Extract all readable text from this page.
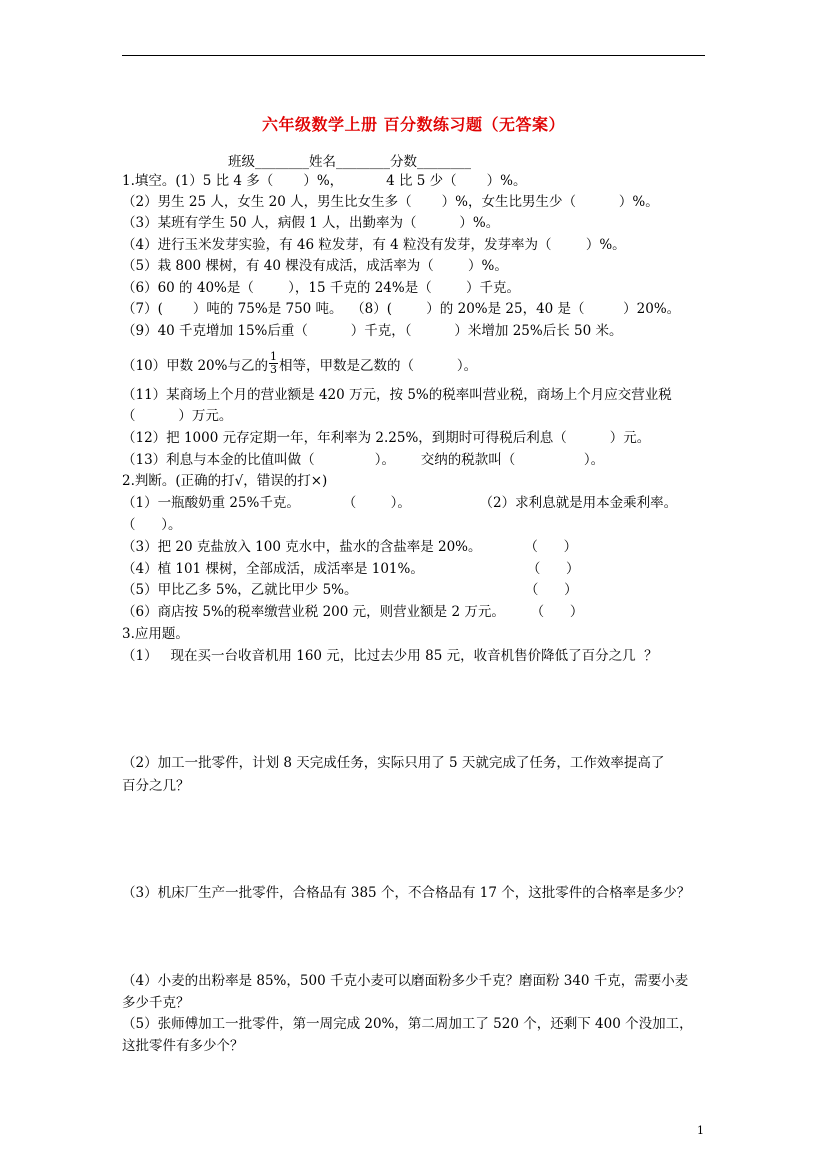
六年级数学上册 百分数练习题（无答案）
班级________姓名________分数________
1.填空。(1）5 比 4 多（       ）%，          4 比 5 少（       ）%。
（2）男生 25 人，女生 20 人，男生比女生多（       ）%，女生比男生少（          ）%。
（3）某班有学生 50 人，病假 1 人，出勤率为（          ）%。
（4）进行玉米发芽实验，有 46 粒发芽，有 4 粒没有发芽，发芽率为（        ）%。
（5）栽 800 棵树，有 40 棵没有成活，成活率为（        ）%。
（6）60 的 40%是（        ），15 千克的 24%是（        ）千克。
（7）(       ）吨的 75%是 750 吨。  （8）(        ）的 20%是 25，40 是（         ）20%。
（9）40 千克增加 15%后重（          ）千克，（          ）米增加 25%后长 50 米。
（10）甲数 20%与乙的 $\frac{1}{3}$ 相等，甲数是乙数的（          ）。
（11）某商场上个月的营业额是 420 万元，按 5%的税率叫营业税，商场上个月应交营业税
（          ）万元。
（12）把 1000 元存定期一年，年利率为 2.25%，到期时可得税后利息（          ）元。
（13）利息与本金的比值叫做（              ）。      交纳的税款叫（                ）。
2.判断。(正确的打√，错误的打×)
（1）一瓶酸奶重 25%千克。          （        ）。                （2）求利息就是用本金乘利率。
（      ）。
（3）把 20 克盐放入 100 克水中，盐水的含盐率是 20%。          （      ）
（4）植 101 棵树，全部成活，成活率是 101%。                        （      ）
（5）甲比乙多 5%，乙就比甲少 5%。                                       （      ）
（6）商店按 5%的税率缴营业税 200 元，则营业额是 2 万元。      （      ）
3.应用题。
（1）   现在买一台收音机用 160 元，比过去少用 85 元，收音机售价降低了百分之几  ？
（2）加工一批零件，计划 8 天完成任务，实际只用了 5 天就完成了任务，工作效率提高了
百分之几？
（3）机床厂生产一批零件，合格品有 385 个，不合格品有 17 个，这批零件的合格率是多少？
（4）小麦的出粉率是 85%，500 千克小麦可以磨面粉多少千克？磨面粉 340 千克，需要小麦
多少千克？
（5）张师傅加工一批零件，第一周完成 20%，第二周加工了 520 个，还剩下 400 个没加工，
这批零件有多少个？
1
